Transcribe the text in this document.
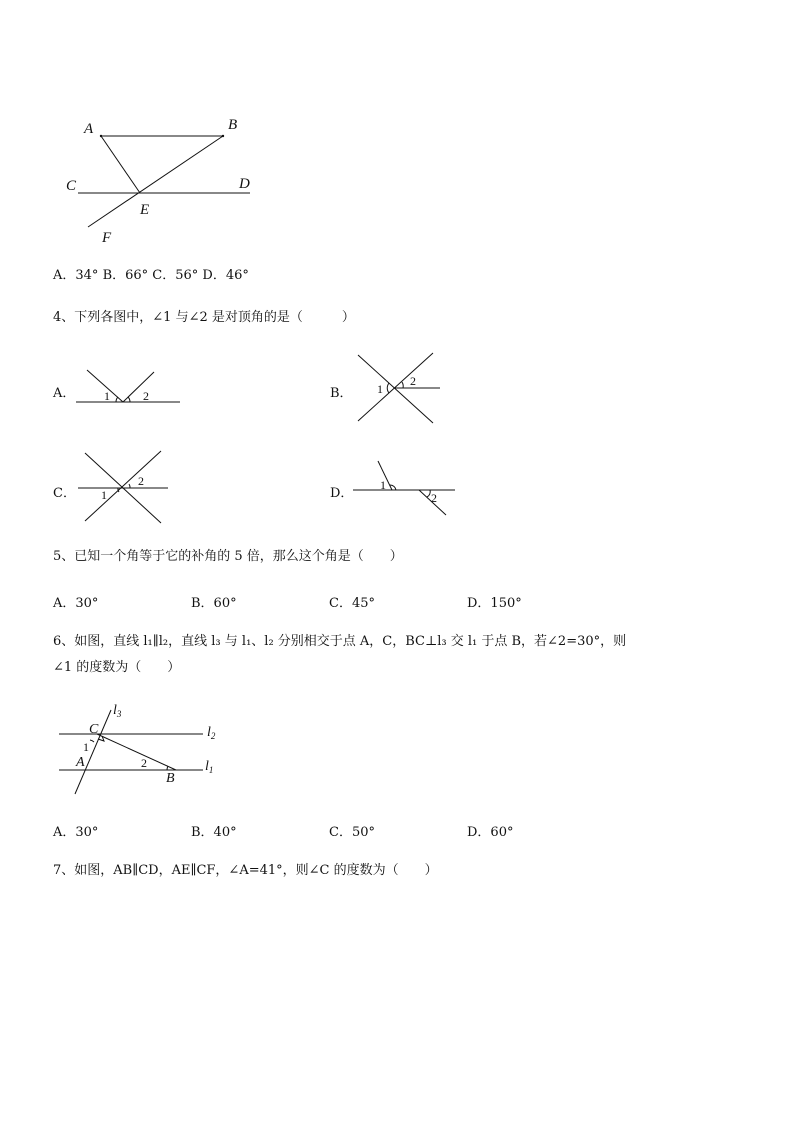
A	B
C	D
E
F
A．34° B．66° C．56° D．46°
4、下列各图中，∠1 与∠2 是对顶角的是（　　　）
A． 1	2	B． 1
2
C． 1
2
D．
1
2
5、已知一个角等于它的补角的 5 倍，那么这个角是（　　）
A．30°	B．60°	C．45°	D．150°
6、如图，直线 l₁∥l₂，直线 l₃ 与 l₁、l₂ 分别相交于点 A，C，BC⊥l₃ 交 l₁ 于点 B，若∠2=30°，则
∠1 的度数为（　　）
$l_3$
$l_2$
$l_1$
C
A
B
1
2
A．30°	B．40°	C．50°	D．60°
7、如图，AB∥CD，AE∥CF，∠A=41°，则∠C 的度数为（　　）
